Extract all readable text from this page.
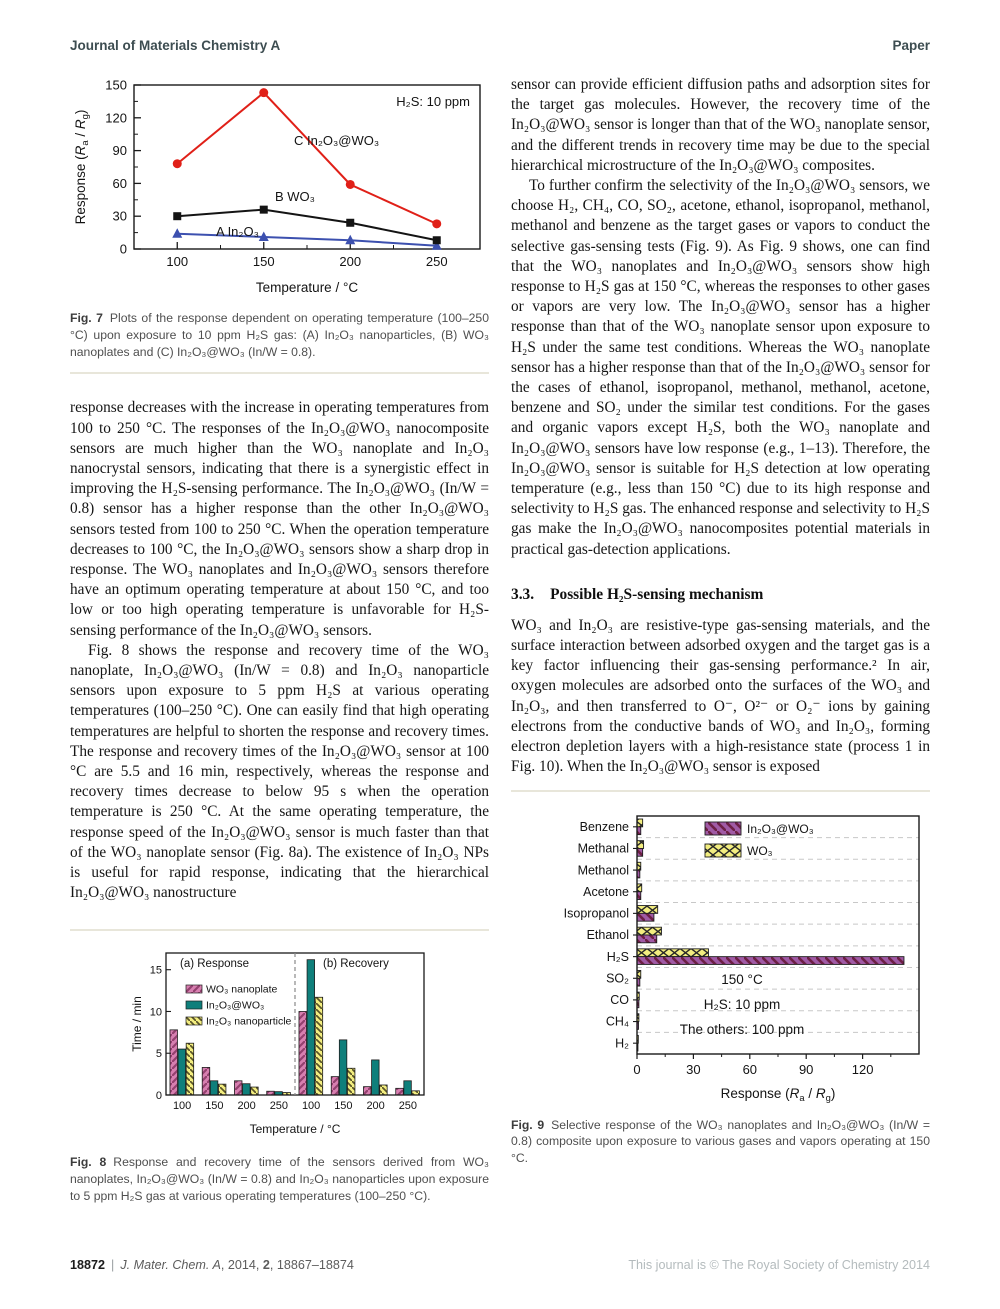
Journal of Materials Chemistry A	Paper
0
30
60
90
120
150
100	150	200	250
Temperature / °C
Response $(R_a / R_g)$
H₂S: 10 ppm
A In₂O₃
B WO₃
C In₂O₃@WO₃

Fig. 7 Plots of the response dependent on operating temperature (100–250 °C) upon exposure to 10 ppm H₂S gas: (A) In₂O₃ nanoparticles, (B) WO₃ nanoplates and (C) In₂O₃@WO₃ (In/W = 0.8).

response decreases with the increase in operating temperatures from 100 to 250 °C. The responses of the In₂O₃@WO₃ nanocomposite sensors are much higher than the WO₃ nanoplate and In₂O₃ nanocrystal sensors, indicating that there is a synergistic effect in improving the H₂S-sensing performance. The In₂O₃@WO₃ (In/W = 0.8) sensor has a higher response than the other In₂O₃@WO₃ sensors tested from 100 to 250 °C. When the operation temperature decreases to 100 °C, the In₂O₃@WO₃ sensors show a sharp drop in response. The WO₃ nanoplates and In₂O₃@WO₃ sensors therefore have an optimum operating temperature at about 150 °C, and too low or too high operating temperature is unfavorable for H₂S-sensing performance of the In₂O₃@WO₃ sensors.

Fig. 8 shows the response and recovery time of the WO₃ nanoplate, In₂O₃@WO₃ (In/W = 0.8) and In₂O₃ nanoparticle sensors upon exposure to 5 ppm H₂S at various operating temperatures (100–250 °C). One can easily find that high operating temperatures are helpful to shorten the response and recovery times. The response and recovery times of the In₂O₃@WO₃ sensor at 100 °C are 5.5 and 16 min, respectively, whereas the response and recovery times decrease to below 95 s when the operation temperature is 250 °C. At the same operating temperature, the response speed of the In₂O₃@WO₃ sensor is much faster than that of the WO₃ nanoplate sensor (Fig. 8a). The existence of In₂O₃ NPs is useful for rapid response, indicating that the hierarchical In₂O₃@WO₃ nanostructure

100 150 200 250 100 150 200 250
0
5
10
15
(a) Response	(b) Recovery
WO₃ nanoplate
In₂O₃@WO₃
In₂O₃ nanoparticle
Temperature / °C
Time / min

Fig. 8 Response and recovery time of the sensors derived from WO₃ nanoplates, In₂O₃@WO₃ (In/W = 0.8) and In₂O₃ nanoparticles upon exposure to 5 ppm H₂S gas at various operating temperatures (100–250 °C).

sensor can provide efficient diffusion paths and adsorption sites for the target gas molecules. However, the recovery time of the In₂O₃@WO₃ sensor is longer than that of the WO₃ nanoplate sensor, and the different trends in recovery time may be due to the special hierarchical microstructure of the In₂O₃@WO₃ composites.

To further confirm the selectivity of the In₂O₃@WO₃ sensors, we choose H₂, CH₄, CO, SO₂, acetone, ethanol, isopropanol, methanol, methanol and benzene as the target gases or vapors to conduct the selective gas-sensing tests (Fig. 9). As Fig. 9 shows, one can find that the WO₃ nanoplates and In₂O₃@WO₃ sensors show high response to H₂S gas at 150 °C, whereas the responses to other gases or vapors are very low. The In₂O₃@WO₃ sensor has a higher response than that of the WO₃ nanoplate sensor upon exposure to H₂S under the same test conditions. Whereas the WO₃ nanoplate sensor has a higher response than that of the In₂O₃@WO₃ sensor for the cases of ethanol, isopropanol, methanol, methanol, acetone, benzene and SO₂ under the similar test conditions. For the gases and organic vapors except H₂S, both the WO₃ nanoplate and In₂O₃@WO₃ sensors have low response (e.g., 1–13). Therefore, the In₂O₃@WO₃ sensor is suitable for H₂S detection at low operating temperature (e.g., less than 150 °C) due to its high response and selectivity to H₂S gas. The enhanced response and selectivity to H₂S gas make the In₂O₃@WO₃ nanocomposites potential materials in practical gas-detection applications.

3.3. Possible H₂S-sensing mechanism

WO₃ and In₂O₃ are resistive-type gas-sensing materials, and the surface interaction between adsorbed oxygen and the target gas is a key factor influencing their gas-sensing performance.² In air, oxygen molecules are adsorbed onto the surfaces of the WO₃ and In₂O₃, and then transferred to O⁻, O²⁻ or O₂⁻ ions by gaining electrons from the conductive bands of WO₃ and In₂O₃, forming electron depletion layers with a high-resistance state (process 1 in Fig. 10). When the In₂O₃@WO₃ sensor is exposed

Benzene
Methanal
Methanol
Acetone
Isopropanol
Ethanol
H₂S
SO₂
CO
CH₄
H₂
0	30	60	90	120
Response $(R_a / R_g)$
In₂O₃@WO₃
WO₃
150 °C
H₂S: 10 ppm
The others: 100 ppm

Fig. 9 Selective response of the WO₃ nanoplates and In₂O₃@WO₃ (In/W = 0.8) composite upon exposure to various gases and vapors operating at 150 °C.

18872 | J. Mater. Chem. A, 2014, 2, 18867–18874	This journal is © The Royal Society of Chemistry 2014
